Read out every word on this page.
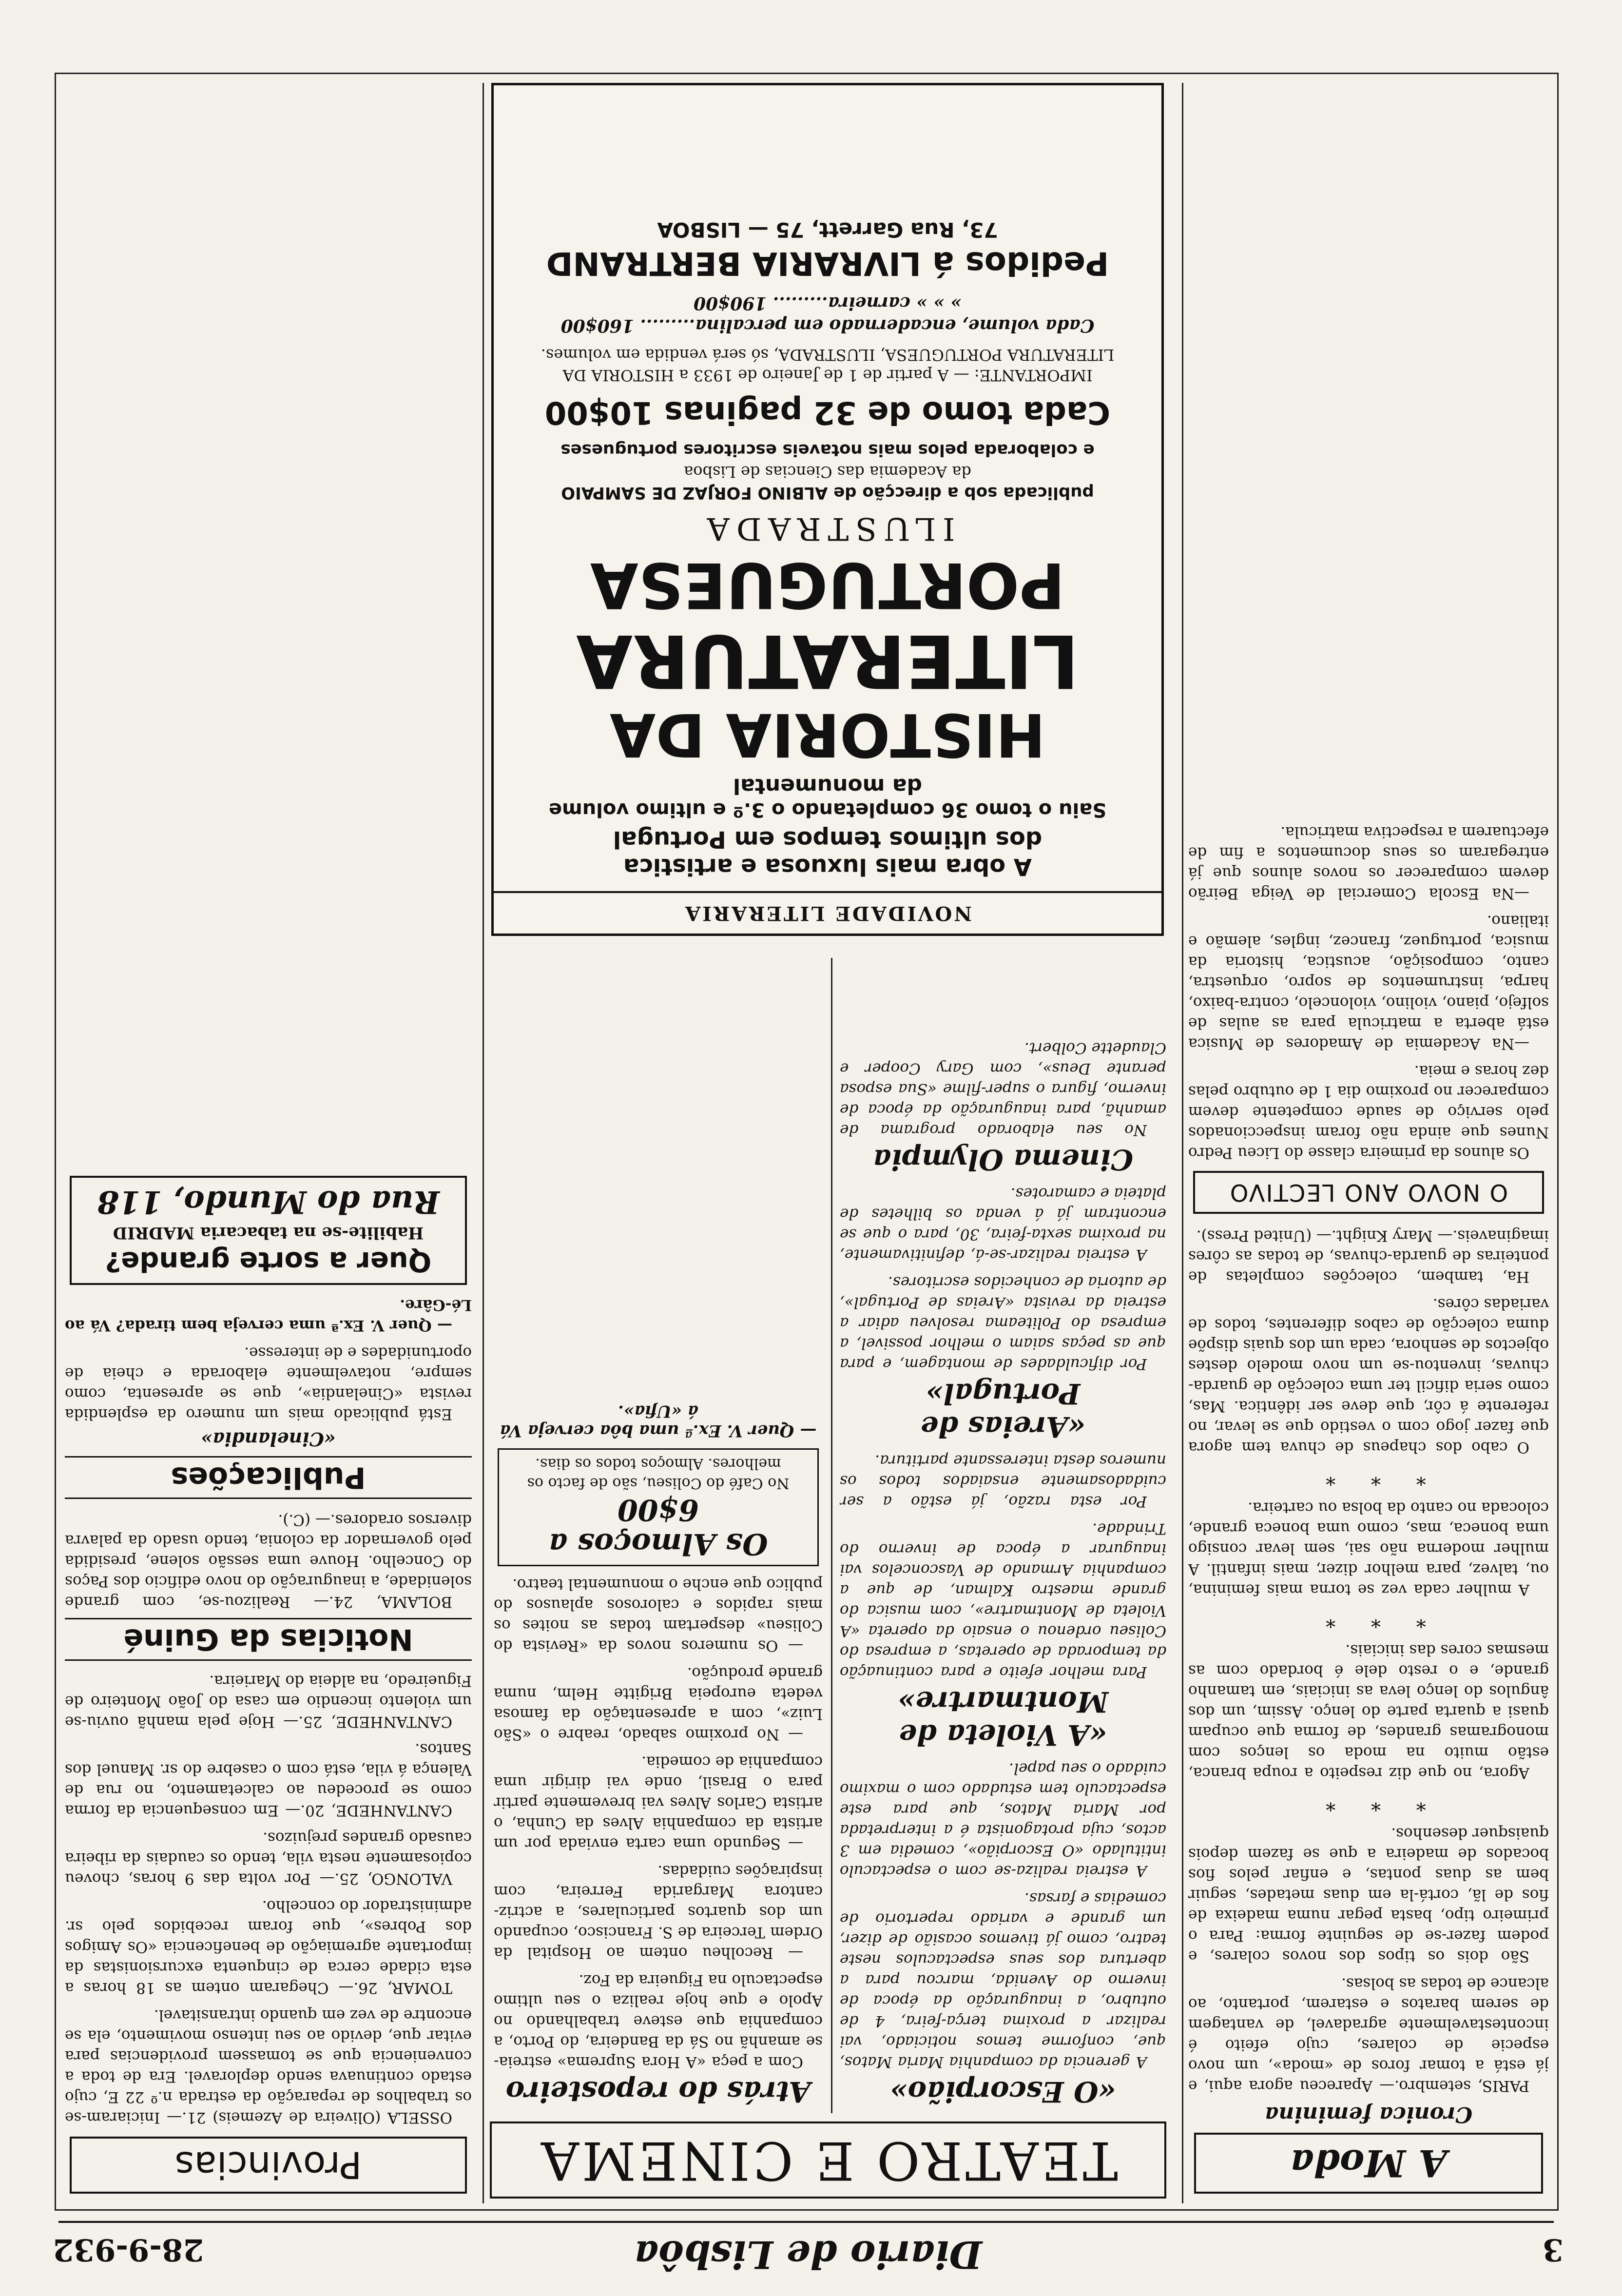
3
Diario de Lisbôa
28-9-932
A Moda
Cronica feminina

PARIS, setembro.— Apareceu agora aqui, e já está a tomar foros de «moda», um novo especie de colares, cujo efeito é incontestavelmente agradavel, de vantagem de serem baratos e estarem, portanto, ao alcance de todas as bolsas.

São dois os tipos dos novos colares, e podem fazer-se de seguinte forma: Para o primeiro tipo, basta pegar numa madeixa de fios de lã, cortá-la em duas metades, seguir bem as duas pontas, e enfiar pelos fios bocados de madeira a que se fazem depois quaisquer desenhos.

* * *

Agora, no que diz respeito a roupa branca, estão muito na moda os lenços com monogramas grandes, de forma que ocupam quasi a quarta parte do lenço. Assim, um dos ângulos do lenço leva as iniciais, em tamanho grande, e o resto dele é bordado com as mesmas cores das iniciais.

* * *

A mulher cada vez se torna mais feminina, ou, talvez, para melhor dizer, mais infantil. A mulher moderna não sai, sem levar consigo uma boneca, mas, como uma boneca grande, colocada no canto da bolsa ou carteira.

* * *

O cabo dos chapeus de chuva tem agora que fazer jogo com o vestido que se levar, no referente á côr, que deve ser idêntica. Mas, como seria dificil ter uma colecção de guarda-chuvas, inventou-se um novo modelo destes objectos de senhora, cada um dos quais dispõe duma colecção de cabos diferentes, todos de variadas côres.

Ha, tambem, colecções completas de ponteiras de guarda-chuvas, de todas as côres imaginaveis.— Mary Knight.— (United Press).

O NOVO ANO LECTIVO

Os alunos da primeira classe do Liceu Pedro Nunes que ainda não foram inspeccionados pelo serviço de saude competente devem comparecer no proximo dia 1 de outubro pelas dez horas e meia.

—Na Academia de Amadores de Musica está aberta a matricula para as aulas de solfejo, piano, violino, violoncelo, contra-baixo, harpa, instrumentos de sopro, orquestra, canto, composição, acustica, historia da musica, portuguez, francez, ingles, alemão e italiano.

—Na Escola Comercial de Veiga Beirão devem comparecer os novos alunos que já entregaram os seus documentos a fim de efectuarem a respectiva matricula.

TEATRO E CINEMA
«O Escorpião»

A gerencia da companhia Maria Matos, que, conforme temos noticiado, vai realizar a proxima terça-feira, 4 de outubro, a inauguração da época de inverno do Avenida, marcou para a abertura dos seus espectaculos neste teatro, como já tivemos ocasião de dizer, um grande e variado repertorio de comedias e farsas.

A estreia realiza-se com o espectaculo intitulado «O Escorpião», comedia em 3 actos, cuja protagonista é a interpretada por Maria Matos, que para este espectaculo tem estudado com o maximo cuidado o seu papel.

«A Violeta de Montmartre»

Para melhor efeito e para continuação da temporada de operetas, a empresa do Coliseu ordenou o ensaio da opereta «A Violeta de Montmartre», com musica do grande maestro Kalman, de que a companhia Armando de Vasconcelos vai inaugurar a época de inverno do Trindade.

Por esta razão, já estão a ser cuidadosamente ensaiados todos os numeros desta interessante partitura.

«Areias de Portugal»

Por dificuldades de montagem, e para que as peças saiam o melhor possivel, a empresa do Politeama resolveu adiar a estreia da revista «Areias de Portugal», de autoria de conhecidos escritores.

A estreia realizar-se-á, definitivamente, na proxima sexta-feira, 30, para o que se encontram já á venda os bilhetes de plateia e camarotes.

Cinema Olympia

No seu elaborado programa de amanhã, para inauguração da época de inverno, figura o super-filme «Sua esposa perante Deus», com Gary Cooper e Claudette Colbert.

Atrás do reposteiro

Com a peça «A Hora Suprema» estreia-se amanhã no Sá da Bandeira, do Porto, a companhia que esteve trabalhando no Apolo e que hoje realiza o seu ultimo espectaculo na Figueira da Foz.

— Recolheu ontem ao Hospital da Ordem Terceira de S. Francisco, ocupando um dos quartos particulares, a actriz-cantora Margarida Ferreira, com inspirações cuidadas.

— Segundo uma carta enviada por um artista da companhia Alves da Cunha, o artista Carlos Alves vai brevemente partir para o Brasil, onde vai dirigir uma companhia de comedia.

— No proximo sabado, reabre o «São Luiz», com a apresentação da famosa vedeta europeia Brigitte Helm, numa grande produção.

— Os numeros novos da «Revista do Coliseu» despertam todas as noites os mais rapidos e calorosos aplausos do publico que enche o monumental teatro.

Os Almoços a 6$00
No Café do Coliseu, são de facto os melhores. Almoços todos os dias.
— Quer V. Ex.ª uma bôa cerveja Vá á «Ufia».
NOVIDADE LITERARIA

A obra mais luxuosa e artistica

dos ultimos tempos em Portugal

Saiu o tomo 36 completando o 3.º e ultimo volume

da monumental

HISTORIA DA

LITERATURA

PORTUGUESA

ILUSTRADA

publicada sob a direcção de ALBINO FORJAZ DE SAMPAIO

da Academia das Ciencias de Lisboa

e colaborada pelos mais notaveis escritores portugueses

Cada tomo de 32 paginas 10$00

IMPORTANTE: — A partir de 1 de Janeiro de 1933 a HISTORIA DA LITERATURA PORTUGUESA, ILUSTRADA, só será vendida em volumes.

Cada volume, encadernado em percalina......... 160$00

» » » carneira......... 190$00

Pedidos á LIVRARIA BERTRAND

73, Rua Garrett, 75 — LISBOA

Provincias

OSSELA (Oliveira de Azemeis) 21.— Iniciaram-se os trabalhos de reparação da estrada n.º 22 E, cujo estado continuava sendo deploravel. Era de toda a conveniencia que se tomassem providencias para evitar que, devido ao seu intenso movimento, ela se encontre de vez em quando intransitavel.

TOMAR, 26.— Chegaram ontem as 18 horas a esta cidade cerca de cinquenta excursionistas da importante agremiação de beneficencia «Os Amigos dos Pobres», que foram recebidos pelo sr. administrador do concelho.

VALONGO, 25.— Por volta das 9 horas, choveu copiosamente nesta vila, tendo os caudais da ribeira causado grandes prejuizos.

CANTANHEDE, 20.— Em consequencia da forma como se procedeu ao calcetamento, no rua de Valença á vila, está com o casebre do sr. Manuel dos Santos.

CANTANHEDE, 25.— Hoje pela manhã ouviu-se um violento incendio em casa do João Monteiro de Figueiredo, na aldeia do Marieira.

Noticias da Guiné

BOLAMA, 24.— Realizou-se, com grande solenidade, a inauguração do novo edificio dos Paços do Concelho. Houve uma sessão solene, presidida pelo governador da colonia, tendo usado da palavra diversos oradores.— (C.).

Publicações
«Cinelandia»

Está publicado mais um numero da esplendida revista «Cinelandia», que se apresenta, como sempre, notavelmente elaborada e cheia de oportunidades e de interesse.

— Quer V. Ex.ª uma cerveja bem tirada? Vá ao Lé-Gâre.

Quer a sorte grande?
Habilite-se na tabacaria MADRID
Rua do Mundo, 118
